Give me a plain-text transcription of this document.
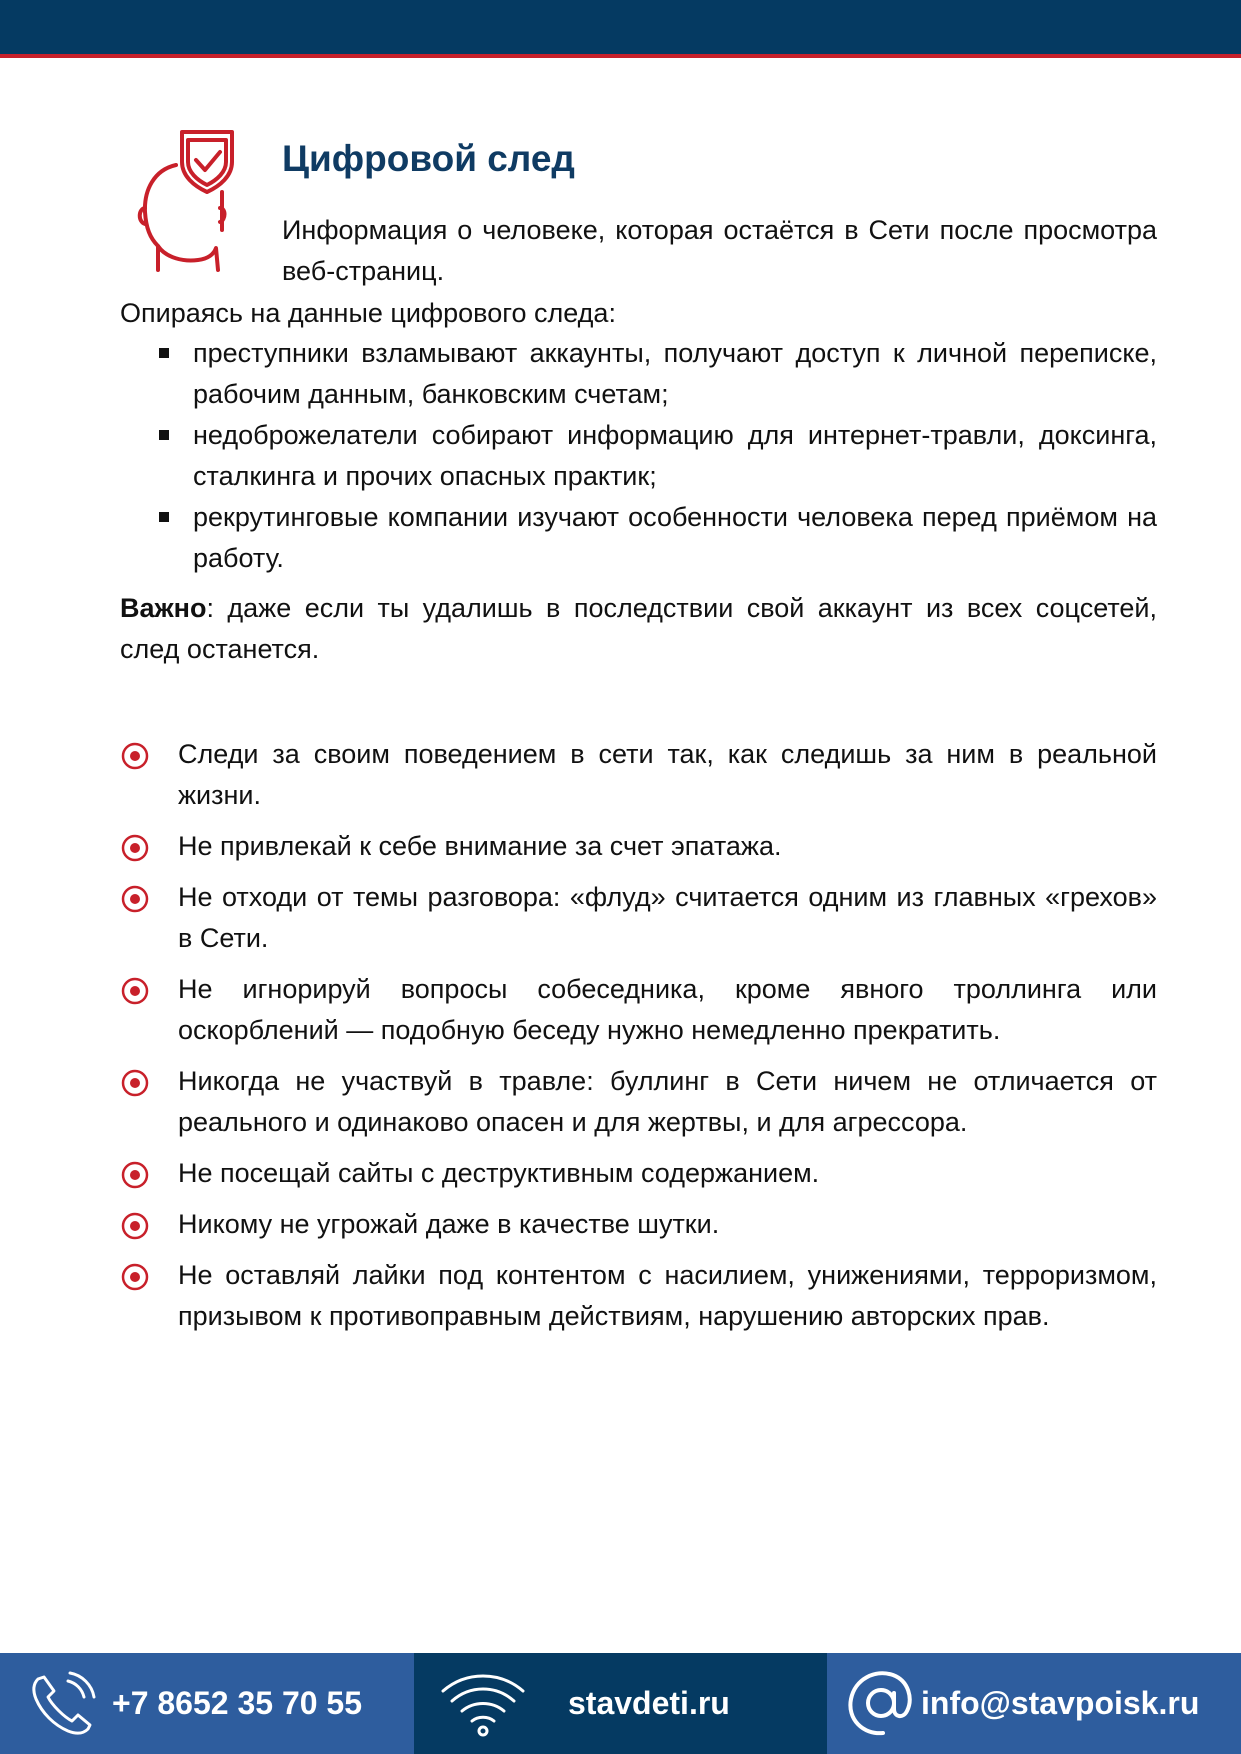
Цифровой след

Информация о человеке, которая остаётся в Сети после просмотра веб-страниц.

Опираясь на данные цифрового следа:

преступники взламывают аккаунты, получают доступ к личной переписке, рабочим данным, банковским счетам;
недоброжелатели собирают информацию для интернет-травли, доксинга, сталкинга и прочих опасных практик;
рекрутинговые компании изучают особенности человека перед приёмом на работу.

Важно: даже если ты удалишь в последствии свой аккаунт из всех соцсетей, след останется.

Следи за своим поведением в сети так, как следишь за ним в реальной жизни.
Не привлекай к себе внимание за счет эпатажа.
Не отходи от темы разговора: «флуд» считается одним из главных «грехов» в Сети.
Не игнорируй вопросы собеседника, кроме явного троллинга или оскорблений — подобную беседу нужно немедленно прекратить.
Никогда не участвуй в травле: буллинг в Сети ничем не отличается от реального и одинаково опасен и для жертвы, и для агрессора.
Не посещай сайты с деструктивным содержанием.
Никому не угрожай даже в качестве шутки.
Не оставляй лайки под контентом с насилием, унижениями, терроризмом, призывом к противоправным действиям, нарушению авторских прав.
+7 8652 35 70 55	stavdeti.ru	info@stavpoisk.ru
